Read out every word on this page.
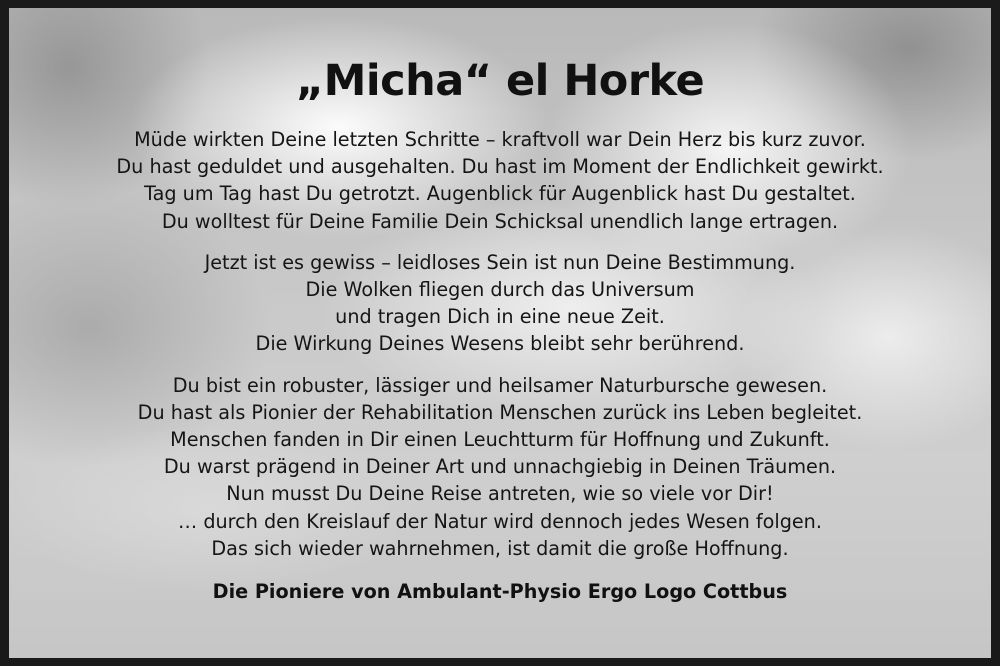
„Micha“ el Horke
Müde wirkten Deine letzten Schritte – kraftvoll war Dein Herz bis kurz zuvor.
Du hast geduldet und ausgehalten. Du hast im Moment der Endlichkeit gewirkt.
Tag um Tag hast Du getrotzt. Augenblick für Augenblick hast Du gestaltet.
Du wolltest für Deine Familie Dein Schicksal unendlich lange ertragen.
Jetzt ist es gewiss – leidloses Sein ist nun Deine Bestimmung.
Die Wolken fliegen durch das Universum
und tragen Dich in eine neue Zeit.
Die Wirkung Deines Wesens bleibt sehr berührend.
Du bist ein robuster, lässiger und heilsamer Naturbursche gewesen.
Du hast als Pionier der Rehabilitation Menschen zurück ins Leben begleitet.
Menschen fanden in Dir einen Leuchtturm für Hoffnung und Zukunft.
Du warst prägend in Deiner Art und unnachgiebig in Deinen Träumen.
Nun musst Du Deine Reise antreten, wie so viele vor Dir!
… durch den Kreislauf der Natur wird dennoch jedes Wesen folgen.
Das sich wieder wahrnehmen, ist damit die große Hoffnung.
Die Pioniere von Ambulant-Physio Ergo Logo Cottbus
